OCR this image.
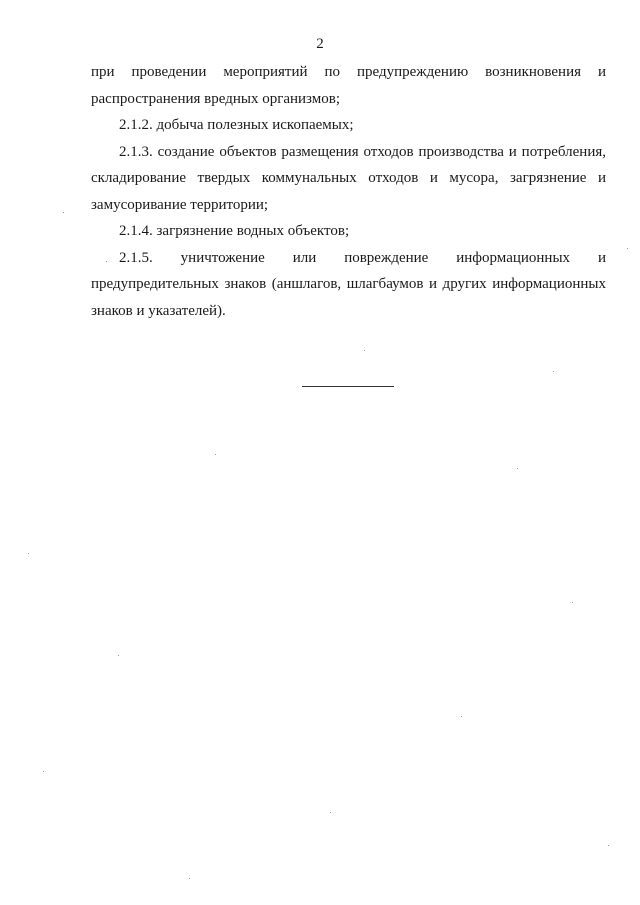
2

при проведении мероприятий по предупреждению возникновения и распространения вредных организмов;

2.1.2. добыча полезных ископаемых;

2.1.3. создание объектов размещения отходов производства и потребления, складирование твердых коммунальных отходов и мусора, загрязнение и замусоривание территории;

2.1.4. загрязнение водных объектов;

2.1.5. уничтожение или повреждение информационных и предупредительных знаков (аншлагов, шлагбаумов и других информационных знаков и указателей).
